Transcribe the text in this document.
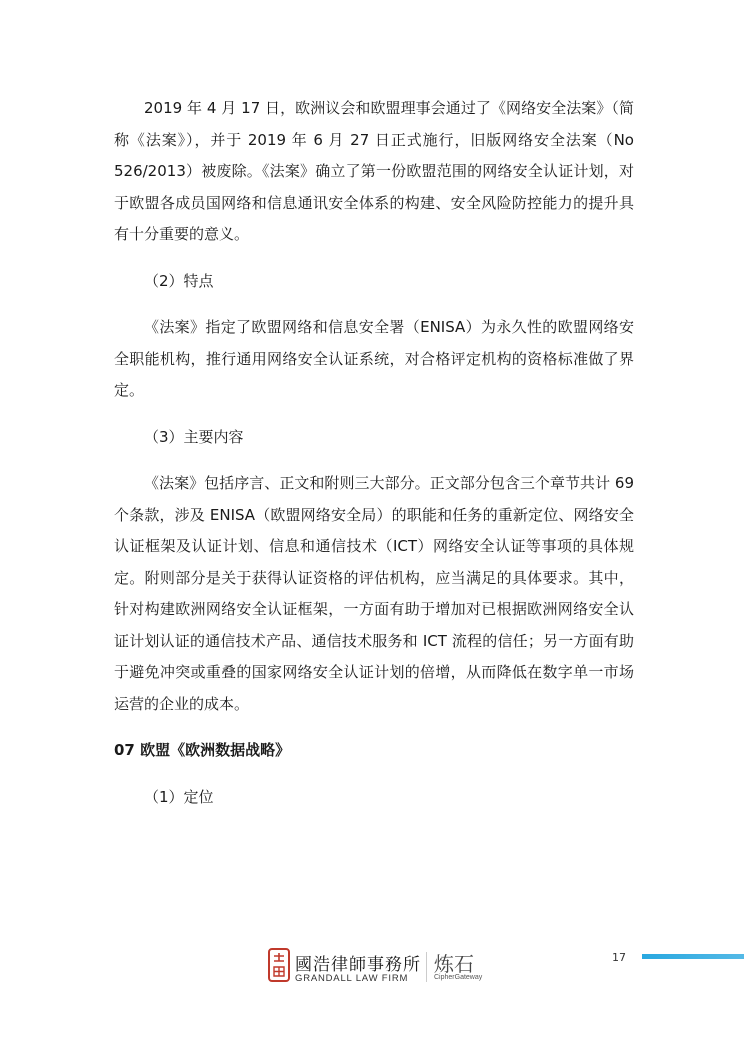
2019 年 4 月 17 日，欧洲议会和欧盟理事会通过了《网络安全法案》（简称《法案》），并于 2019 年 6 月 27 日正式施行，旧版网络安全法案（No 526/2013）被废除。《法案》确立了第一份欧盟范围的网络安全认证计划，对于欧盟各成员国网络和信息通讯安全体系的构建、安全风险防控能力的提升具有十分重要的意义。

（2）特点

《法案》指定了欧盟网络和信息安全署（ENISA）为永久性的欧盟网络安全职能机构，推行通用网络安全认证系统，对合格评定机构的资格标准做了界定。

（3）主要内容

《法案》包括序言、正文和附则三大部分。正文部分包含三个章节共计 69 个条款，涉及 ENISA（欧盟网络安全局）的职能和任务的重新定位、网络安全认证框架及认证计划、信息和通信技术（ICT）网络安全认证等事项的具体规定。附则部分是关于获得认证资格的评估机构，应当满足的具体要求。其中，针对构建欧洲网络安全认证框架，一方面有助于增加对已根据欧洲网络安全认证计划认证的通信技术产品、通信技术服务和 ICT 流程的信任；另一方面有助于避免冲突或重叠的国家网络安全认证计划的倍增，从而降低在数字单一市场运营的企业的成本。

07 欧盟《欧洲数据战略》

（1）定位

17
國浩律師事務所
GRANDALL LAW FIRM
炼石
CipherGateway
